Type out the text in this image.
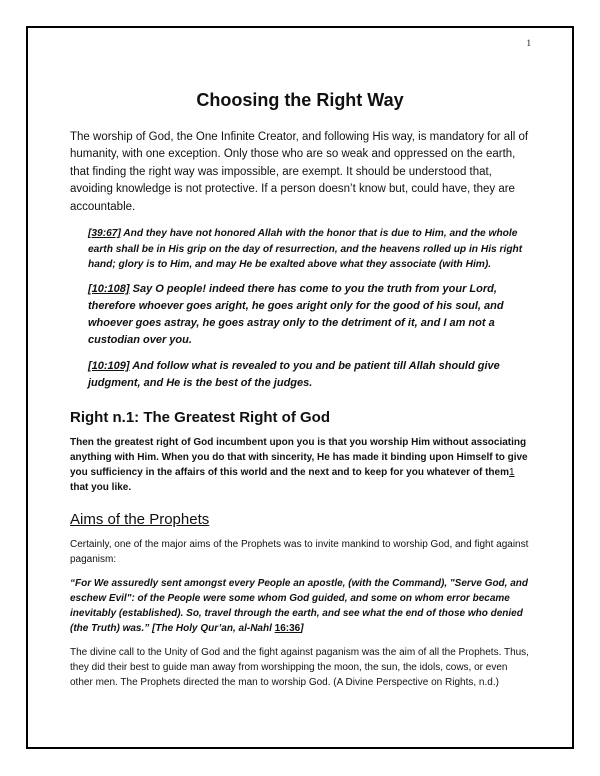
1
Choosing the Right Way

The worship of God, the One Infinite Creator, and following His way, is mandatory for all of humanity, with one exception. Only those who are so weak and oppressed on the earth, that finding the right way was impossible, are exempt. It should be understood that, avoiding knowledge is not protective. If a person doesn’t know but, could have, they are accountable.

[39:67] And they have not honored Allah with the honor that is due to Him, and the whole earth shall be in His grip on the day of resurrection, and the heavens rolled up in His right hand; glory is to Him, and may He be exalted above what they associate (with Him).

[10:108] Say O people! indeed there has come to you the truth from your Lord, therefore whoever goes aright, he goes aright only for the good of his soul, and whoever goes astray, he goes astray only to the detriment of it, and I am not a custodian over you.

[10:109] And follow what is revealed to you and be patient till Allah should give judgment, and He is the best of the judges.

Right n.1: The Greatest Right of God

Then the greatest right of God incumbent upon you is that you worship Him without associating anything with Him. When you do that with sincerity, He has made it binding upon Himself to give you sufficiency in the affairs of this world and the next and to keep for you whatever of them1 that you like.

Aims of the Prophets

Certainly, one of the major aims of the Prophets was to invite mankind to worship God, and fight against paganism:

“For We assuredly sent amongst every People an apostle, (with the Command), "Serve God, and eschew Evil": of the People were some whom God guided, and some on whom error became inevitably (established). So, travel through the earth, and see what the end of those who denied (the Truth) was.” [The Holy Qur’an, al-Nahl 16:36]

The divine call to the Unity of God and the fight against paganism was the aim of all the Prophets. Thus, they did their best to guide man away from worshipping the moon, the sun, the idols, cows, or even other men. The Prophets directed the man to worship God. (A Divine Perspective on Rights, n.d.)
